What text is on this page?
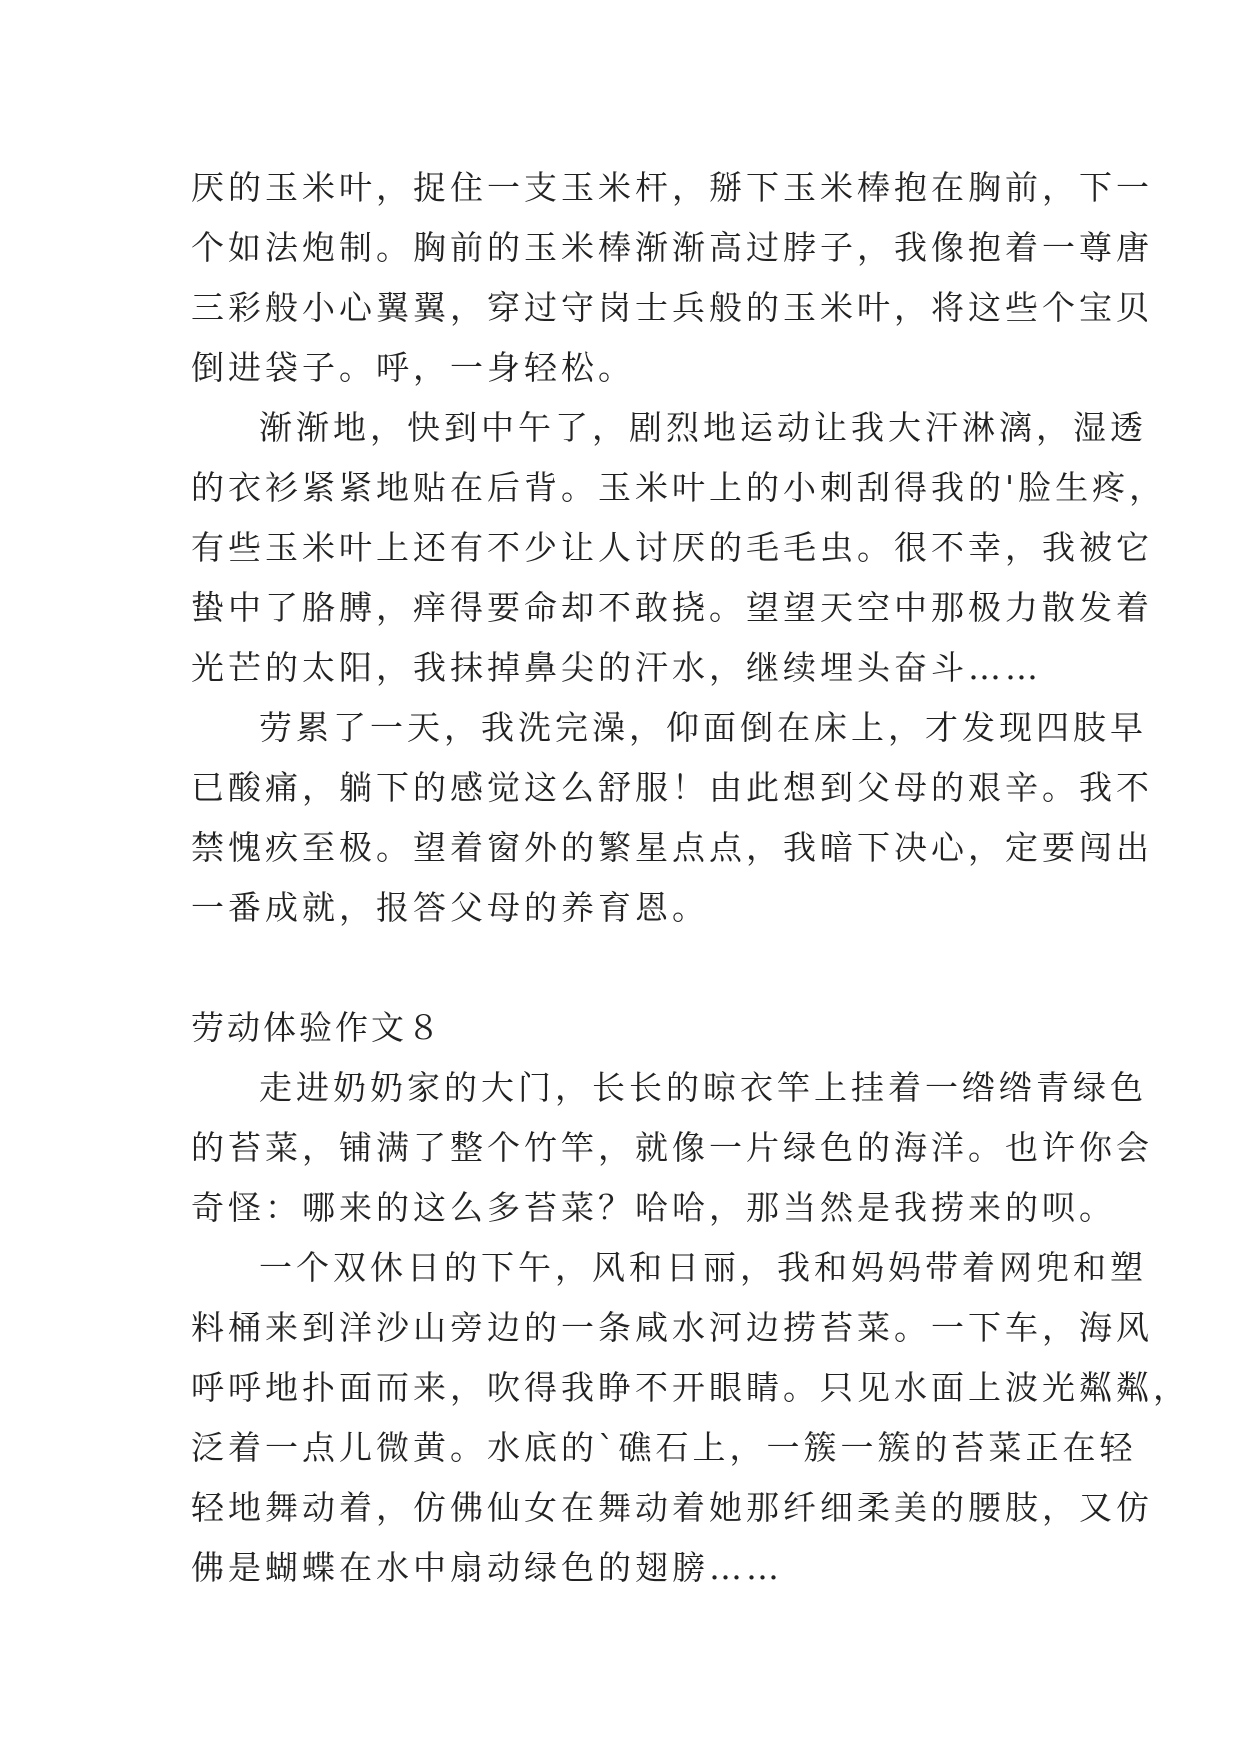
厌的玉米叶，捉住一支玉米杆，掰下玉米棒抱在胸前，下一
个如法炮制。胸前的玉米棒渐渐高过脖子，我像抱着一尊唐
三彩般小心翼翼，穿过守岗士兵般的玉米叶，将这些个宝贝
倒进袋子。呼，一身轻松。

渐渐地，快到中午了，剧烈地运动让我大汗淋漓，湿透
的衣衫紧紧地贴在后背。玉米叶上的小刺刮得我的'脸生疼，
有些玉米叶上还有不少让人讨厌的毛毛虫。很不幸，我被它
蛰中了胳膊，痒得要命却不敢挠。望望天空中那极力散发着
光芒的太阳，我抹掉鼻尖的汗水，继续埋头奋斗……

劳累了一天，我洗完澡，仰面倒在床上，才发现四肢早
已酸痛，躺下的感觉这么舒服！由此想到父母的艰辛。我不
禁愧疚至极。望着窗外的繁星点点，我暗下决心，定要闯出
一番成就，报答父母的养育恩。

劳动体验作文８

走进奶奶家的大门，长长的晾衣竿上挂着一绺绺青绿色
的苔菜，铺满了整个竹竿，就像一片绿色的海洋。也许你会
奇怪：哪来的这么多苔菜？哈哈，那当然是我捞来的呗。

一个双休日的下午，风和日丽，我和妈妈带着网兜和塑
料桶来到洋沙山旁边的一条咸水河边捞苔菜。一下车，海风
呼呼地扑面而来，吹得我睁不开眼睛。只见水面上波光粼粼，
泛着一点儿微黄。水底的`礁石上，一簇一簇的苔菜正在轻
轻地舞动着，仿佛仙女在舞动着她那纤细柔美的腰肢，又仿
佛是蝴蝶在水中扇动绿色的翅膀……
